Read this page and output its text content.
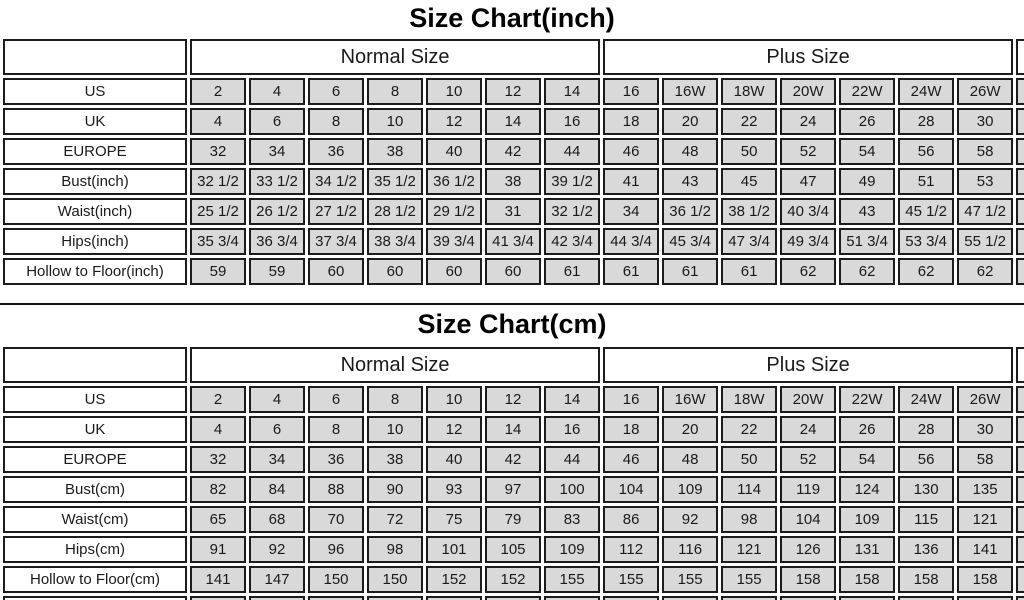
Size Chart(inch)
	Normal Size							Plus Size							
US	2	4	6	8	10	12	14	16	16W	18W	20W	22W	24W	26W	
UK	4	6	8	10	12	14	16	18	20	22	24	26	28	30	
EUROPE	32	34	36	38	40	42	44	46	48	50	52	54	56	58	
Bust(inch)	32 1/2	33 1/2	34 1/2	35 1/2	36 1/2	38	39 1/2	41	43	45	47	49	51	53	
Waist(inch)	25 1/2	26 1/2	27 1/2	28 1/2	29 1/2	31	32 1/2	34	36 1/2	38 1/2	40 3/4	43	45 1/2	47 1/2	
Hips(inch)	35 3/4	36 3/4	37 3/4	38 3/4	39 3/4	41 3/4	42 3/4	44 3/4	45 3/4	47 3/4	49 3/4	51 3/4	53 3/4	55 1/2	
Hollow to Floor(inch)	59	59	60	60	60	60	61	61	61	61	62	62	62	62	
Size Chart(cm)
	Normal Size							Plus Size							
US	2	4	6	8	10	12	14	16	16W	18W	20W	22W	24W	26W	
UK	4	6	8	10	12	14	16	18	20	22	24	26	28	30	
EUROPE	32	34	36	38	40	42	44	46	48	50	52	54	56	58	
Bust(cm)	82	84	88	90	93	97	100	104	109	114	119	124	130	135	
Waist(cm)	65	68	70	72	75	79	83	86	92	98	104	109	115	121	
Hips(cm)	91	92	96	98	101	105	109	112	116	121	126	131	136	141	
Hollow to Floor(cm)	141	147	150	150	152	152	155	155	155	155	158	158	158	158	
